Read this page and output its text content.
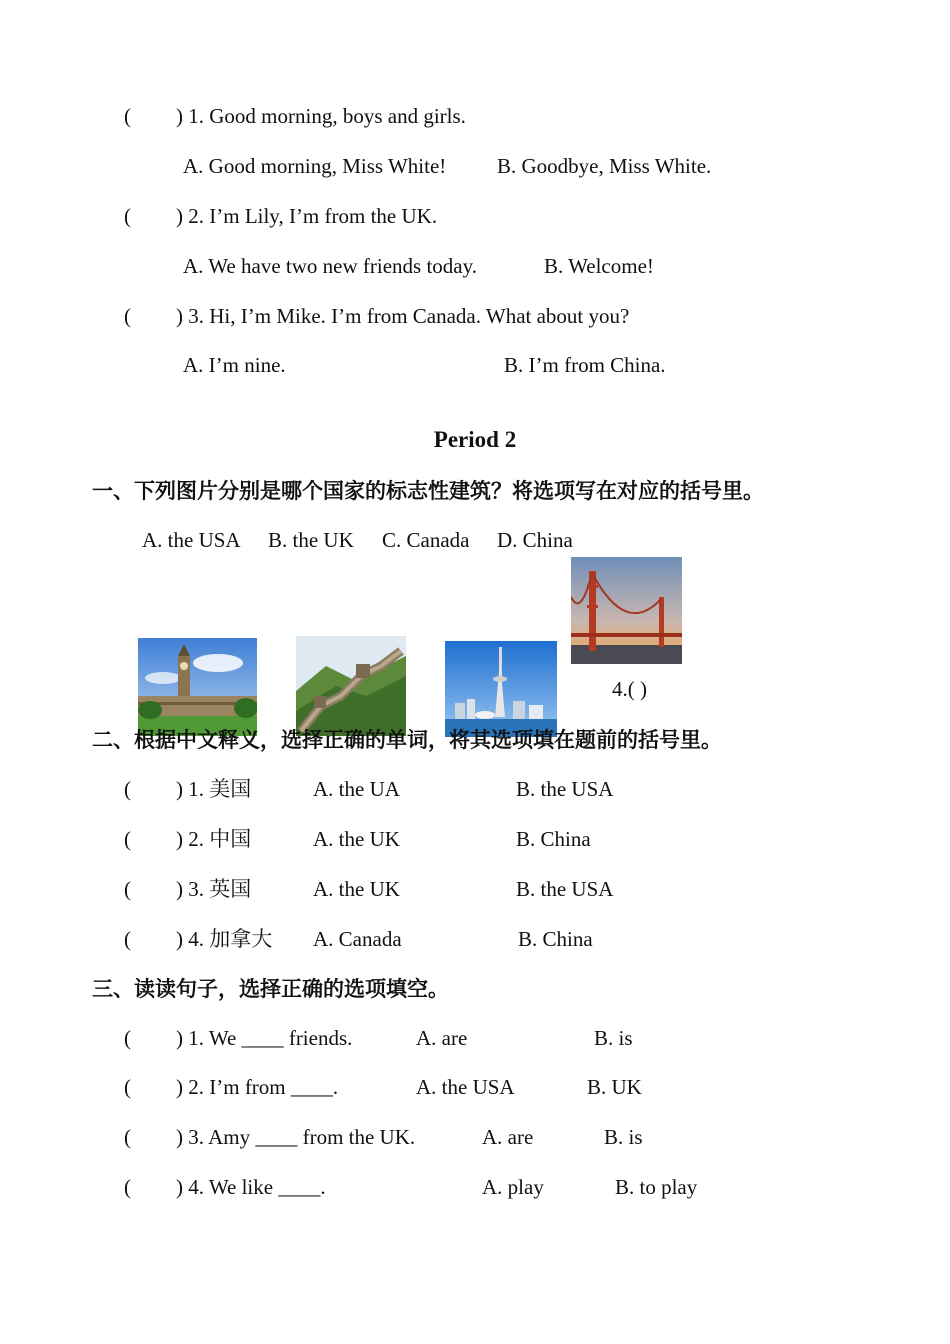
( ) 1. Good morning, boys and girls.
A. Good morning, Miss White! B. Goodbye, Miss White.
( ) 2. I’m Lily, I’m from the UK.
A. We have two new friends today.	B. Welcome!
( ) 3. Hi, I’m Mike. I’m from Canada. What about you?
A. I’m nine.	B. I’m from China.
Period 2
一、下列图片分别是哪个国家的标志性建筑？将选项写在对应的括号里。
A. the USA B. the UK C. Canada D. China
4.( )
二、根据中文释义，选择正确的单词，将其选项填在题前的括号里。
( ) 1. 美国	A. the UA	B. the USA
( ) 2. 中国	A. the UK	B. China
( ) 3. 英国	A. the UK	B. the USA
( ) 4. 加拿大 A. Canada	B. China
三、读读句子，选择正确的选项填空。
( ) 1. We ____ friends.	A. are	B. is
( ) 2. I’m from ____.	A. the USA	B. UK
( ) 3. Amy ____ from the UK.	A. are	B. is
( ) 4. We like ____.	A. play	B. to play
